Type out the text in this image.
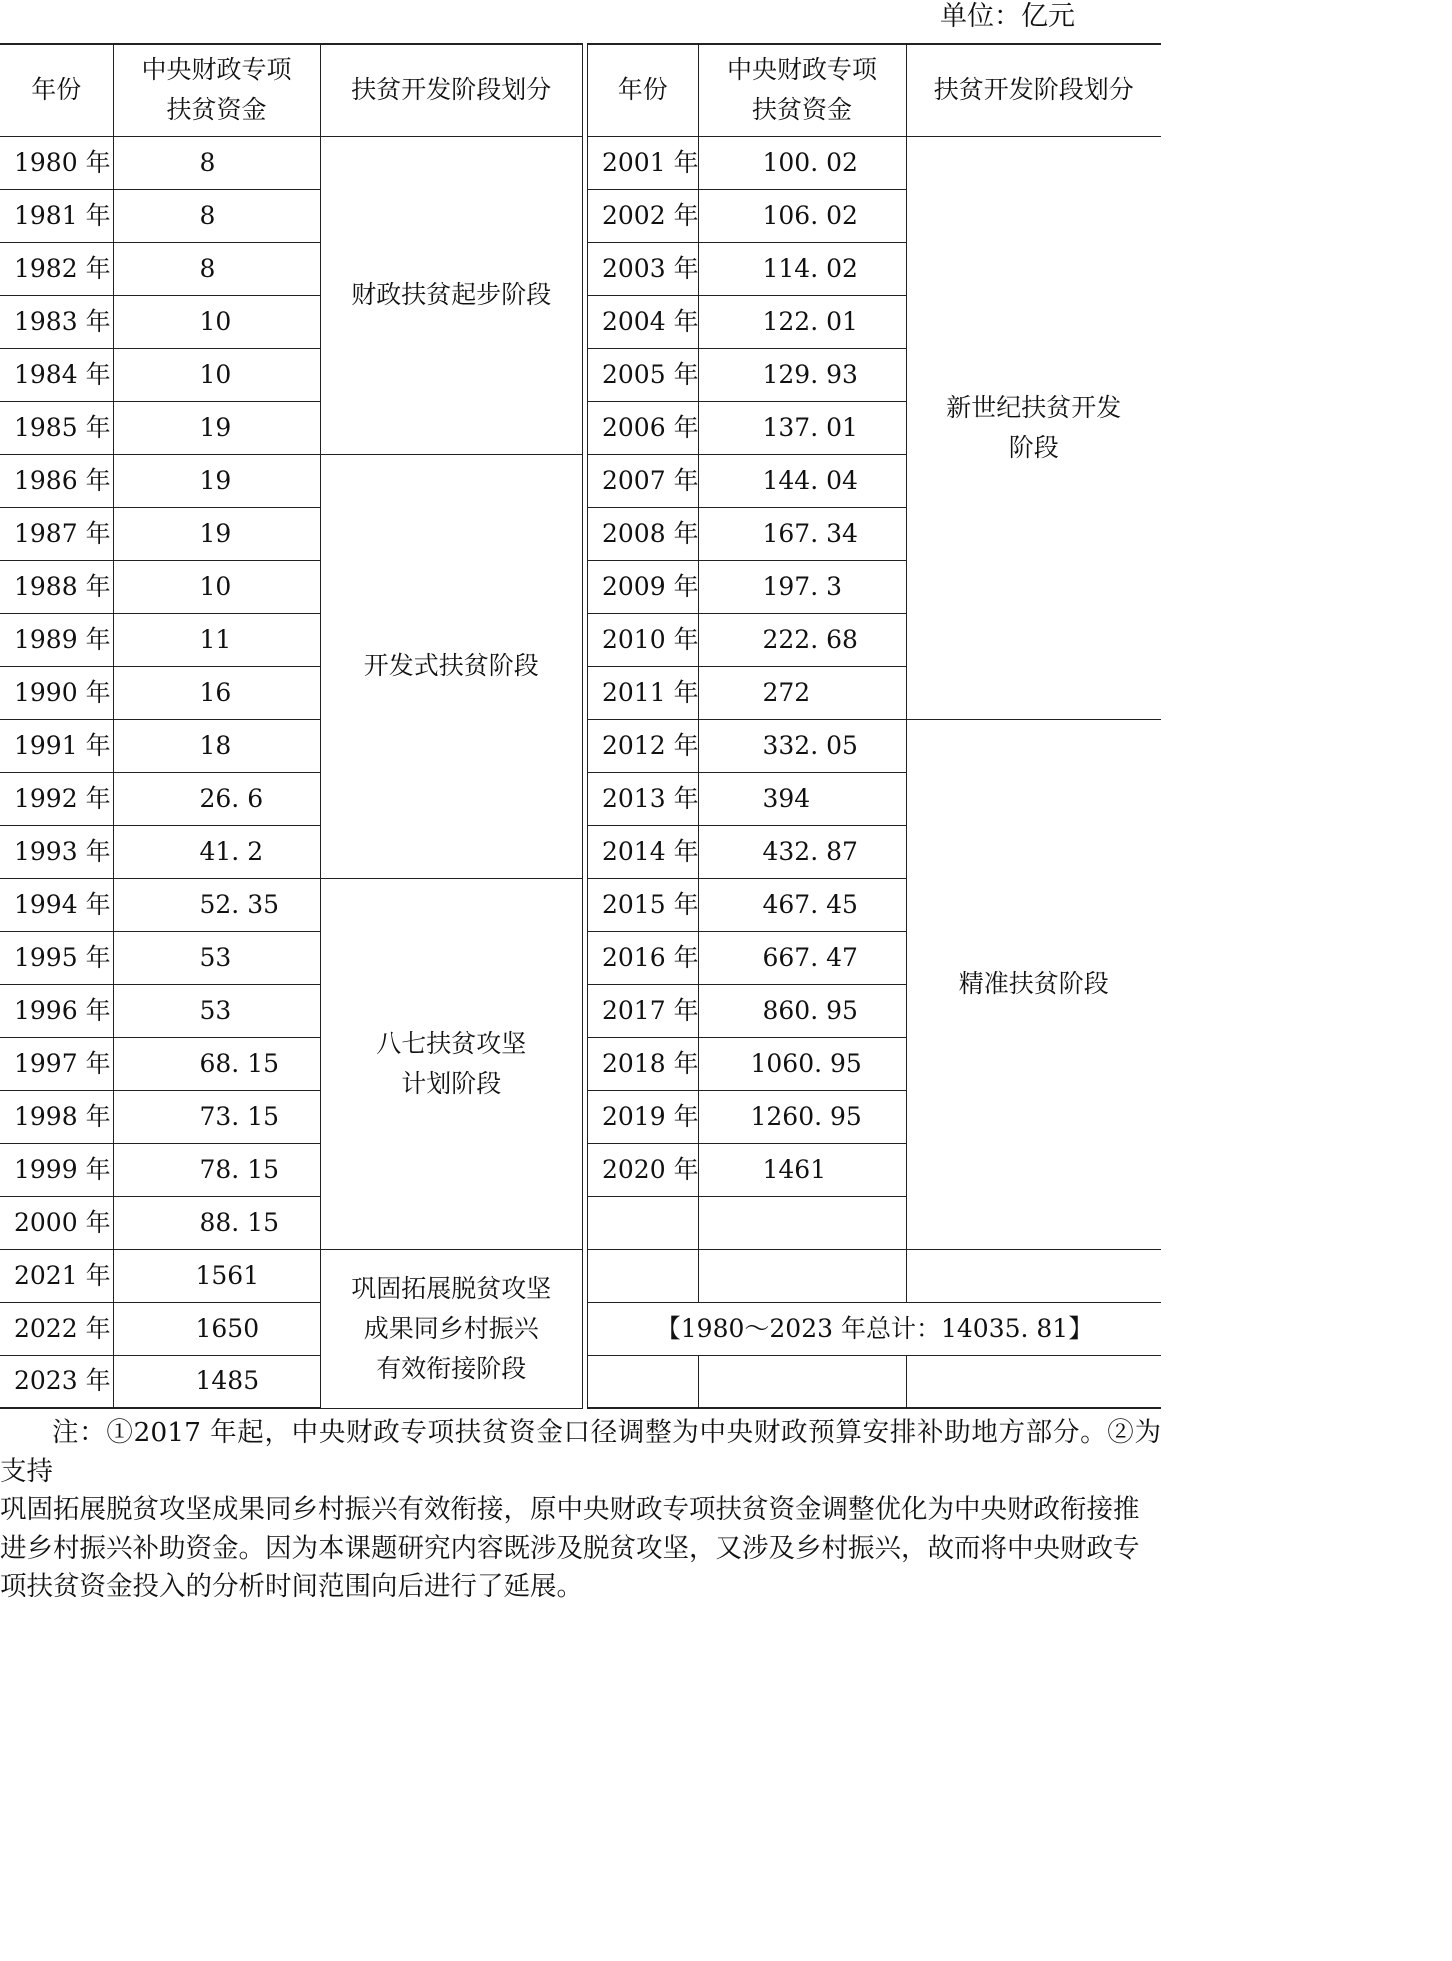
单位：亿元
年份	中央财政专项
扶贫资金	扶贫开发阶段划分
1980 年	8	财政扶贫起步阶段
1981 年	8	
1982 年	8	
1983 年	10	
1984 年	10	
1985 年	19	
1986 年	19	开发式扶贫阶段
1987 年	19	
1988 年	10	
1989 年	11	
1990 年	16	
1991 年	18	
1992 年	26. 6	
1993 年	41. 2	
1994 年	52. 35	八七扶贫攻坚
计划阶段
1995 年	53	
1996 年	53	
1997 年	68. 15	
1998 年	73. 15	
1999 年	78. 15	
2000 年	88. 15	
2021 年	1561	巩固拓展脱贫攻坚
成果同乡村振兴
有效衔接阶段
2022 年	1650	
2023 年	1485	
年份	中央财政专项
扶贫资金	扶贫开发阶段划分
2001 年	100. 02	新世纪扶贫开发
阶段
2002 年	106. 02	
2003 年	114. 02	
2004 年	122. 01	
2005 年	129. 93	
2006 年	137. 01	
2007 年	144. 04	
2008 年	167. 34	
2009 年	197. 3	
2010 年	222. 68	
2011 年	272	
2012 年	332. 05	精准扶贫阶段
2013 年	394	
2014 年	432. 87	
2015 年	467. 45	
2016 年	667. 47	
2017 年	860. 95	
2018 年	1060. 95	
2019 年	1260. 95	
2020 年	1461	

【1980～2023 年总计：14035. 81】		

注：①2017 年起，中央财政专项扶贫资金口径调整为中央财政预算安排补助地方部分。②为支持

巩固拓展脱贫攻坚成果同乡村振兴有效衔接，原中央财政专项扶贫资金调整优化为中央财政衔接推
进乡村振兴补助资金。因为本课题研究内容既涉及脱贫攻坚，又涉及乡村振兴，故而将中央财政专
项扶贫资金投入的分析时间范围向后进行了延展。
